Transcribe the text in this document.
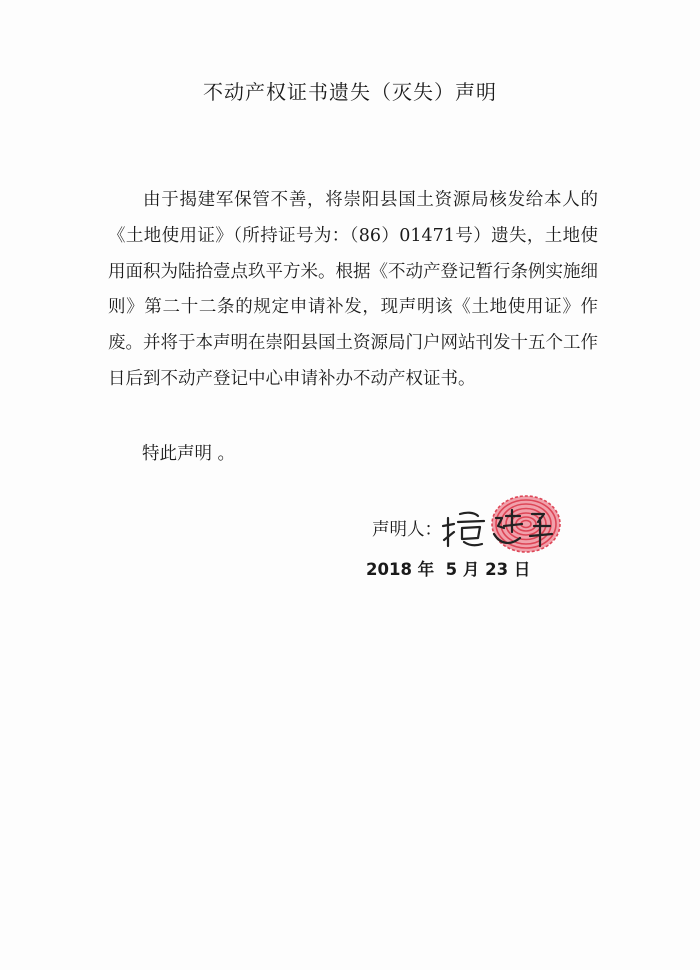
不动产权证书遗失（灭失）声明
由于揭建军保管不善，将崇阳县国土资源局核发给本人的《土地使用证》（所持证号为：（86）01471号）遗失，土地使用面积为陆拾壹点玖平方米。根据《不动产登记暂行条例实施细则》第二十二条的规定申请补发，现声明该《土地使用证》作废。并将于本声明在崇阳县国土资源局门户网站刊发十五个工作日后到不动产登记中心申请补办不动产权证书。
特此声明 。
声明人：
2018 年  5 月 23 日
